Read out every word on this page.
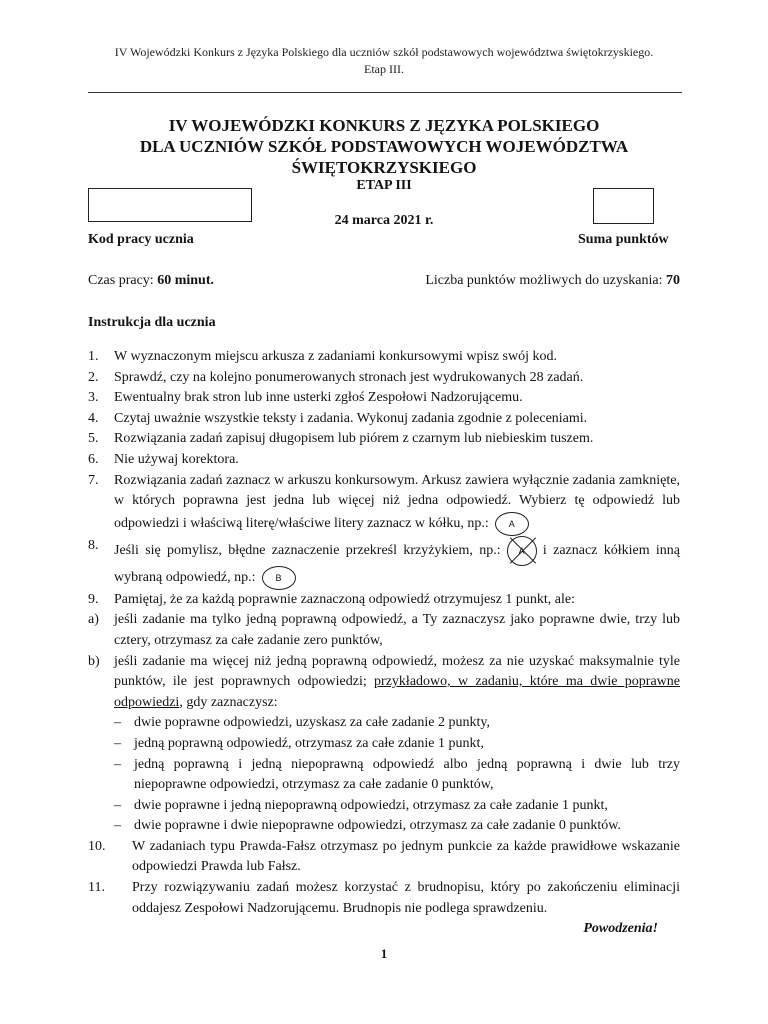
IV Wojewódzki Konkurs z Języka Polskiego dla uczniów szkół podstawowych województwa świętokrzyskiego.
Etap III.
IV WOJEWÓDZKI KONKURS Z JĘZYKA POLSKIEGO
DLA UCZNIÓW SZKÓŁ PODSTAWOWYCH WOJEWÓDZTWA
ŚWIĘTOKRZYSKIEGO
ETAP III
24 marca 2021 r.
Kod pracy ucznia	Suma punktów
Czas pracy: 60 minut.	Liczba punktów możliwych do uzyskania: 70
Instrukcja dla ucznia
1.	W wyznaczonym miejscu arkusza z zadaniami konkursowymi wpisz swój kod.
2.	Sprawdź, czy na kolejno ponumerowanych stronach jest wydrukowanych 28 zadań.
3.	Ewentualny brak stron lub inne usterki zgłoś Zespołowi Nadzorującemu.
4.	Czytaj uważnie wszystkie teksty i zadania. Wykonuj zadania zgodnie z poleceniami.
5.	Rozwiązania zadań zapisuj długopisem lub piórem z czarnym lub niebieskim tuszem.
6.	Nie używaj korektora.
7.	Rozwiązania zadań zaznacz w arkuszu konkursowym. Arkusz zawiera wyłącznie zadania zamknięte, w których poprawna jest jedna lub więcej niż jedna odpowiedź. Wybierz tę odpowiedź lub odpowiedzi i właściwą literę/właściwe litery zaznacz w kółku, np.: A
8.	Jeśli się pomylisz, błędne zaznaczenie przekreśl krzyżykiem, np.: A i zaznacz kółkiem inną wybraną odpowiedź, np.: B
9.	Pamiętaj, że za każdą poprawnie zaznaczoną odpowiedź otrzymujesz 1 punkt, ale:
a)	jeśli zadanie ma tylko jedną poprawną odpowiedź, a Ty zaznaczysz jako poprawne dwie, trzy lub cztery, otrzymasz za całe zadanie zero punktów,
b)	jeśli zadanie ma więcej niż jedną poprawną odpowiedź, możesz za nie uzyskać maksymalnie tyle punktów, ile jest poprawnych odpowiedzi; przykładowo, w zadaniu, które ma dwie poprawne odpowiedzi, gdy zaznaczysz:
– dwie poprawne odpowiedzi, uzyskasz za całe zadanie 2 punkty,
– jedną poprawną odpowiedź, otrzymasz za całe zdanie 1 punkt,
– jedną poprawną i jedną niepoprawną odpowiedź albo jedną poprawną i dwie lub trzy niepoprawne odpowiedzi, otrzymasz za całe zadanie 0 punktów,
– dwie poprawne i jedną niepoprawną odpowiedzi, otrzymasz za całe zadanie 1 punkt,
– dwie poprawne i dwie niepoprawne odpowiedzi, otrzymasz za całe zadanie 0 punktów.
10.	W zadaniach typu Prawda-Fałsz otrzymasz po jednym punkcie za każde prawidłowe wskazanie odpowiedzi Prawda lub Fałsz.
11.	Przy rozwiązywaniu zadań możesz korzystać z brudnopisu, który po zakończeniu eliminacji oddajesz Zespołowi Nadzorującemu. Brudnopis nie podlega sprawdzeniu.
Powodzenia!
1
